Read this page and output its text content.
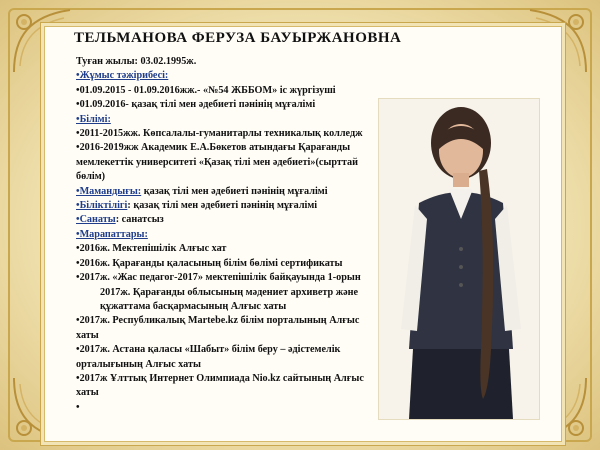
ТЕЛЬМАНОВА ФЕРУЗА БАУЫРЖАНОВНА
Туған жылы: 03.02.1995ж.
•Жұмыс тәжірибесі:
•01.09.2015 - 01.09.2016жж.- «№54 ЖББОМ» іс жүргізуші
•01.09.2016- қазақ тілі мен әдебиеті пәнінің мұғалімі
•Білімі:
•2011-2015жж. Көпсалалы-гуманитарлы техникалық колледж
•2016-2019жж Академик Е.А.Бөкетов атындағы Қарағанды мемлекеттік университеті «Қазақ тілі мен әдебиеті»(сырттай бөлім)
•Мамандығы: қазақ тілі мен әдебиеті пәнінің мұғалімі
•Біліктілігі: қазақ тілі мен әдебиеті пәнінің мұғалімі
•Санаты: санатсыз
•Марапаттары:
•2016ж. Мектепішілік Алғыс хат
•2016ж. Қарағанды қаласының білім бөлімі сертификаты
•2017ж. «Жас педагог-2017» мектепішілік байқауында 1-орын
2017ж. Қарағанды облысының мәдениет архиветр және құжаттама басқармасының Алғыс хаты
•2017ж. Республикалық Martebe.kz білім порталының Алғыс хаты
•2017ж. Астана қаласы «Шабыт» білім беру – әдістемелік орталығының Алғыс хаты
•2017ж Ұлттық Интернет Олимпиада Nio.kz сайтының Алғыс хаты
•
